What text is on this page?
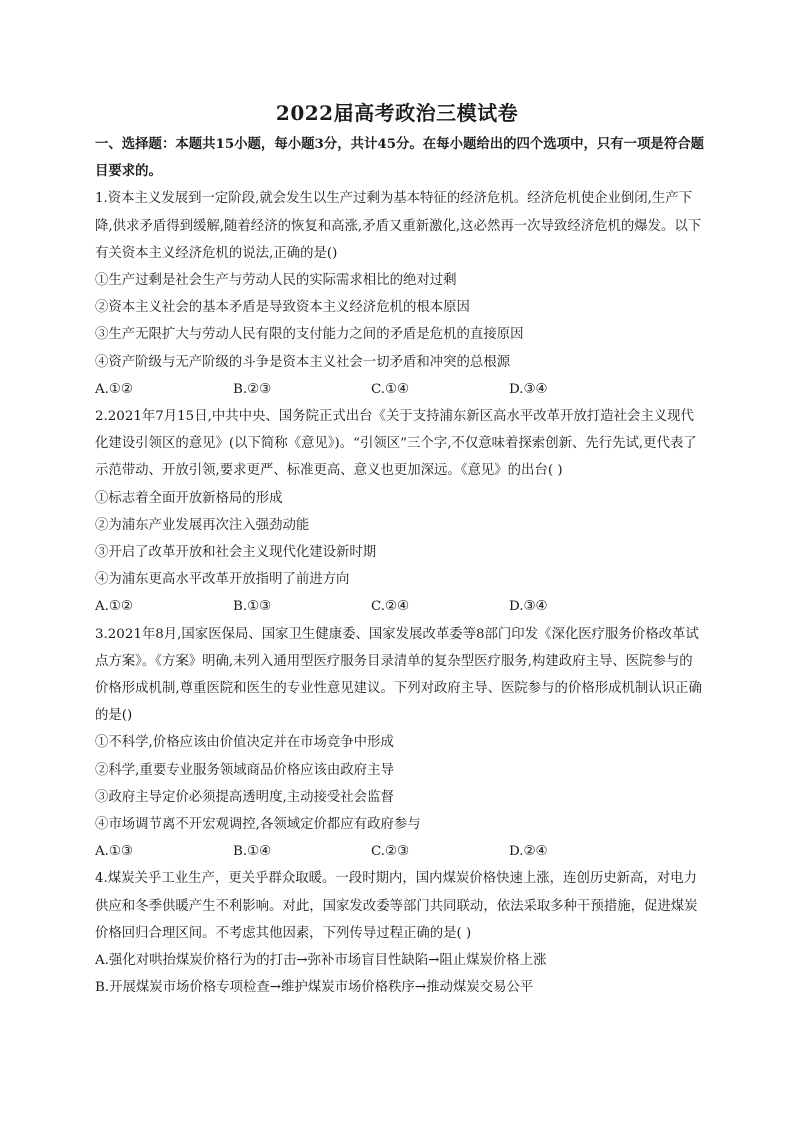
2022届高考政治三模试卷

一、选择题：本题共15小题，每小题3分，共计45分。在每小题给出的四个选项中，只有一项是符合题目要求的。

1.资本主义发展到一定阶段,就会发生以生产过剩为基本特征的经济危机。经济危机使企业倒闭,生产下降,供求矛盾得到缓解,随着经济的恢复和高涨,矛盾又重新激化,这必然再一次导致经济危机的爆发。以下有关资本主义经济危机的说法,正确的是()

①生产过剩是社会生产与劳动人民的实际需求相比的绝对过剩

②资本主义社会的基本矛盾是导致资本主义经济危机的根本原因

③生产无限扩大与劳动人民有限的支付能力之间的矛盾是危机的直接原因

④资产阶级与无产阶级的斗争是资本主义社会一切矛盾和冲突的总根源

A.①②	B.②③	C.①④	D.③④

2.2021年7月15日,中共中央、国务院正式出台《关于支持浦东新区高水平改革开放打造社会主义现代化建设引领区的意见》(以下简称《意见》)。“引领区”三个字,不仅意味着探索创新、先行先试,更代表了示范带动、开放引领,要求更严、标准更高、意义也更加深远。《意见》的出台( )

①标志着全面开放新格局的形成

②为浦东产业发展再次注入强劲动能

③开启了改革开放和社会主义现代化建设新时期

④为浦东更高水平改革开放指明了前进方向

A.①②	B.①③	C.②④	D.③④

3.2021年8月,国家医保局、国家卫生健康委、国家发展改革委等8部门印发《深化医疗服务价格改革试点方案》。《方案》明确,未列入通用型医疗服务目录清单的复杂型医疗服务,构建政府主导、医院参与的价格形成机制,尊重医院和医生的专业性意见建议。下列对政府主导、医院参与的价格形成机制认识正确的是()

①不科学,价格应该由价值决定并在市场竞争中形成

②科学,重要专业服务领域商品价格应该由政府主导

③政府主导定价必须提高透明度,主动接受社会监督

④市场调节离不开宏观调控,各领域定价都应有政府参与

A.①③	B.①④	C.②③	D.②④

4.煤炭关乎工业生产，更关乎群众取暖。一段时期内，国内煤炭价格快速上涨，连创历史新高，对电力供应和冬季供暖产生不利影响。对此，国家发改委等部门共同联动，依法采取多种干预措施，促进煤炭价格回归合理区间。不考虑其他因素，下列传导过程正确的是( )

A.强化对哄抬煤炭价格行为的打击→弥补市场盲目性缺陷→阻止煤炭价格上涨

B.开展煤炭市场价格专项检查→维护煤炭市场价格秩序→推动煤炭交易公平
